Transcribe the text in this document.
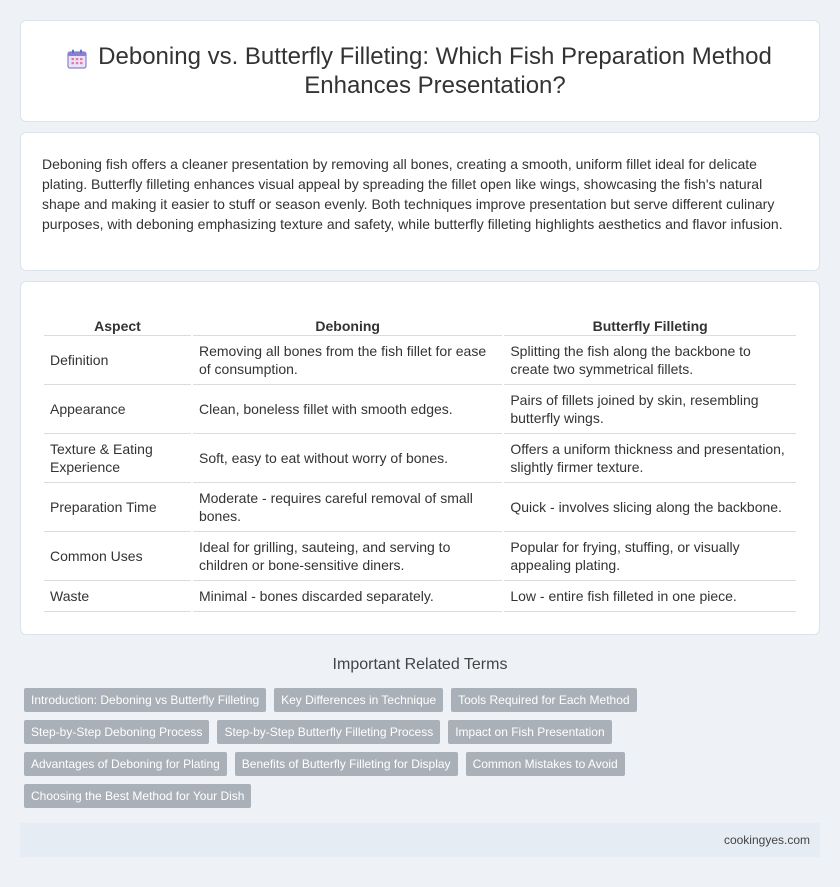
Deboning vs. Butterfly Filleting: Which Fish Preparation Method Enhances Presentation?

Deboning fish offers a cleaner presentation by removing all bones, creating a smooth, uniform fillet ideal for delicate plating. Butterfly filleting enhances visual appeal by spreading the fillet open like wings, showcasing the fish's natural shape and making it easier to stuff or season evenly. Both techniques improve presentation but serve different culinary purposes, with deboning emphasizing texture and safety, while butterfly filleting highlights aesthetics and flavor infusion.

Aspect	Deboning	Butterfly Filleting
Definition	Removing all bones from the fish fillet for ease of consumption.	Splitting the fish along the backbone to create two symmetrical fillets.
Appearance	Clean, boneless fillet with smooth edges.	Pairs of fillets joined by skin, resembling butterfly wings.
Texture & Eating Experience	Soft, easy to eat without worry of bones.	Offers a uniform thickness and presentation, slightly firmer texture.
Preparation Time	Moderate - requires careful removal of small bones.	Quick - involves slicing along the backbone.
Common Uses	Ideal for grilling, sauteing, and serving to children or bone-sensitive diners.	Popular for frying, stuffing, or visually appealing plating.
Waste	Minimal - bones discarded separately.	Low - entire fish filleted in one piece.
Important Related Terms
Introduction: Deboning vs Butterfly Filleting	Key Differences in Technique	Tools Required for Each Method
Step-by-Step Deboning Process	Step-by-Step Butterfly Filleting Process	Impact on Fish Presentation
Advantages of Deboning for Plating	Benefits of Butterfly Filleting for Display	Common Mistakes to Avoid
Choosing the Best Method for Your Dish
cookingyes.com
